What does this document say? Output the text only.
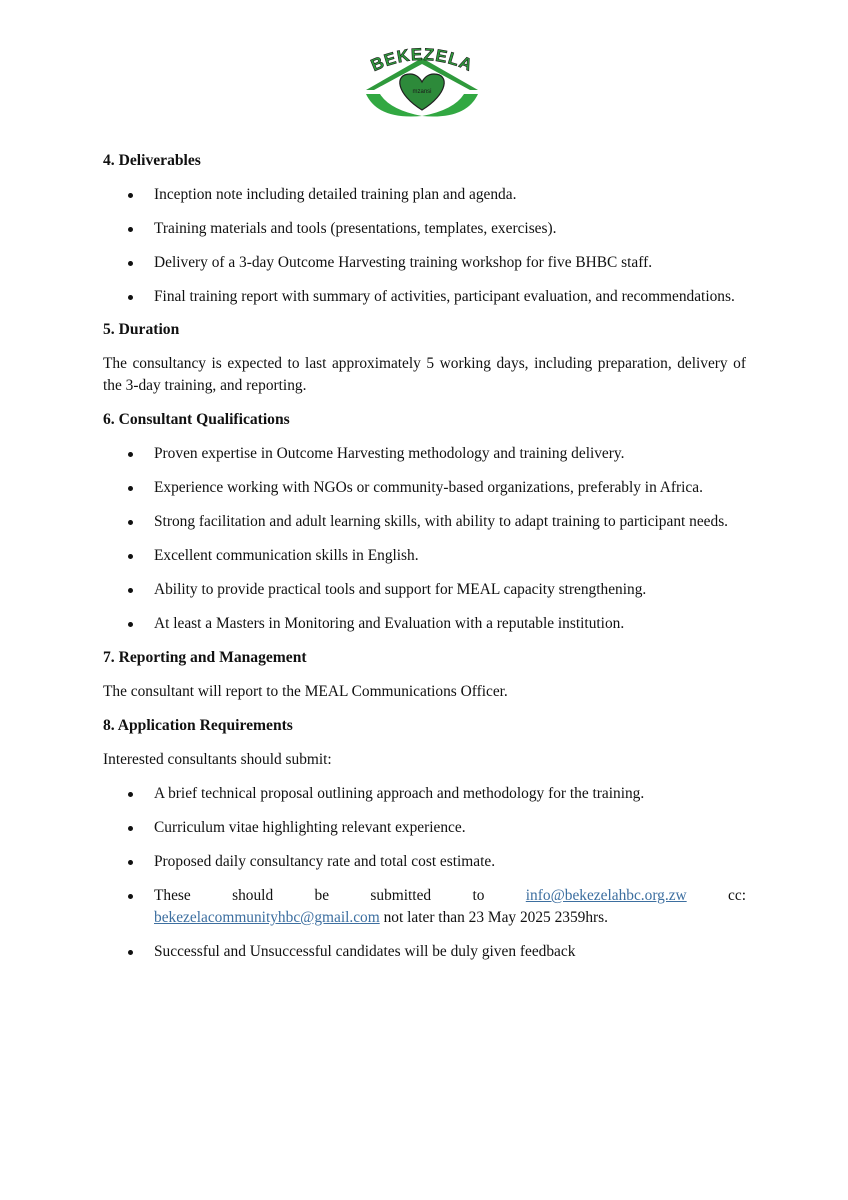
BEKEZELA
mzansi
4. Deliverables
Inception note including detailed training plan and agenda.
Training materials and tools (presentations, templates, exercises).
Delivery of a 3-day Outcome Harvesting training workshop for five BHBC staff.
Final training report with summary of activities, participant evaluation, and recommendations.
5. Duration

The consultancy is expected to last approximately 5 working days, including preparation, delivery of the 3-day training, and reporting.

6. Consultant Qualifications
Proven expertise in Outcome Harvesting methodology and training delivery.
Experience working with NGOs or community-based organizations, preferably in Africa.
Strong facilitation and adult learning skills, with ability to adapt training to participant needs.
Excellent communication skills in English.
Ability to provide practical tools and support for MEAL capacity strengthening.
At least a Masters in Monitoring and Evaluation with a reputable institution.
7. Reporting and Management

The consultant will report to the MEAL Communications Officer.

8. Application Requirements

Interested consultants should submit:

A brief technical proposal outlining approach and methodology for the training.
Curriculum vitae highlighting relevant experience.
Proposed daily consultancy rate and total cost estimate.
These should be submitted to	info@bekezelahbc.org.zw	cc:
bekezelacommunityhbc@gmail.com not later than 23 May 2025 2359hrs.
Successful and Unsuccessful candidates will be duly given feedback
